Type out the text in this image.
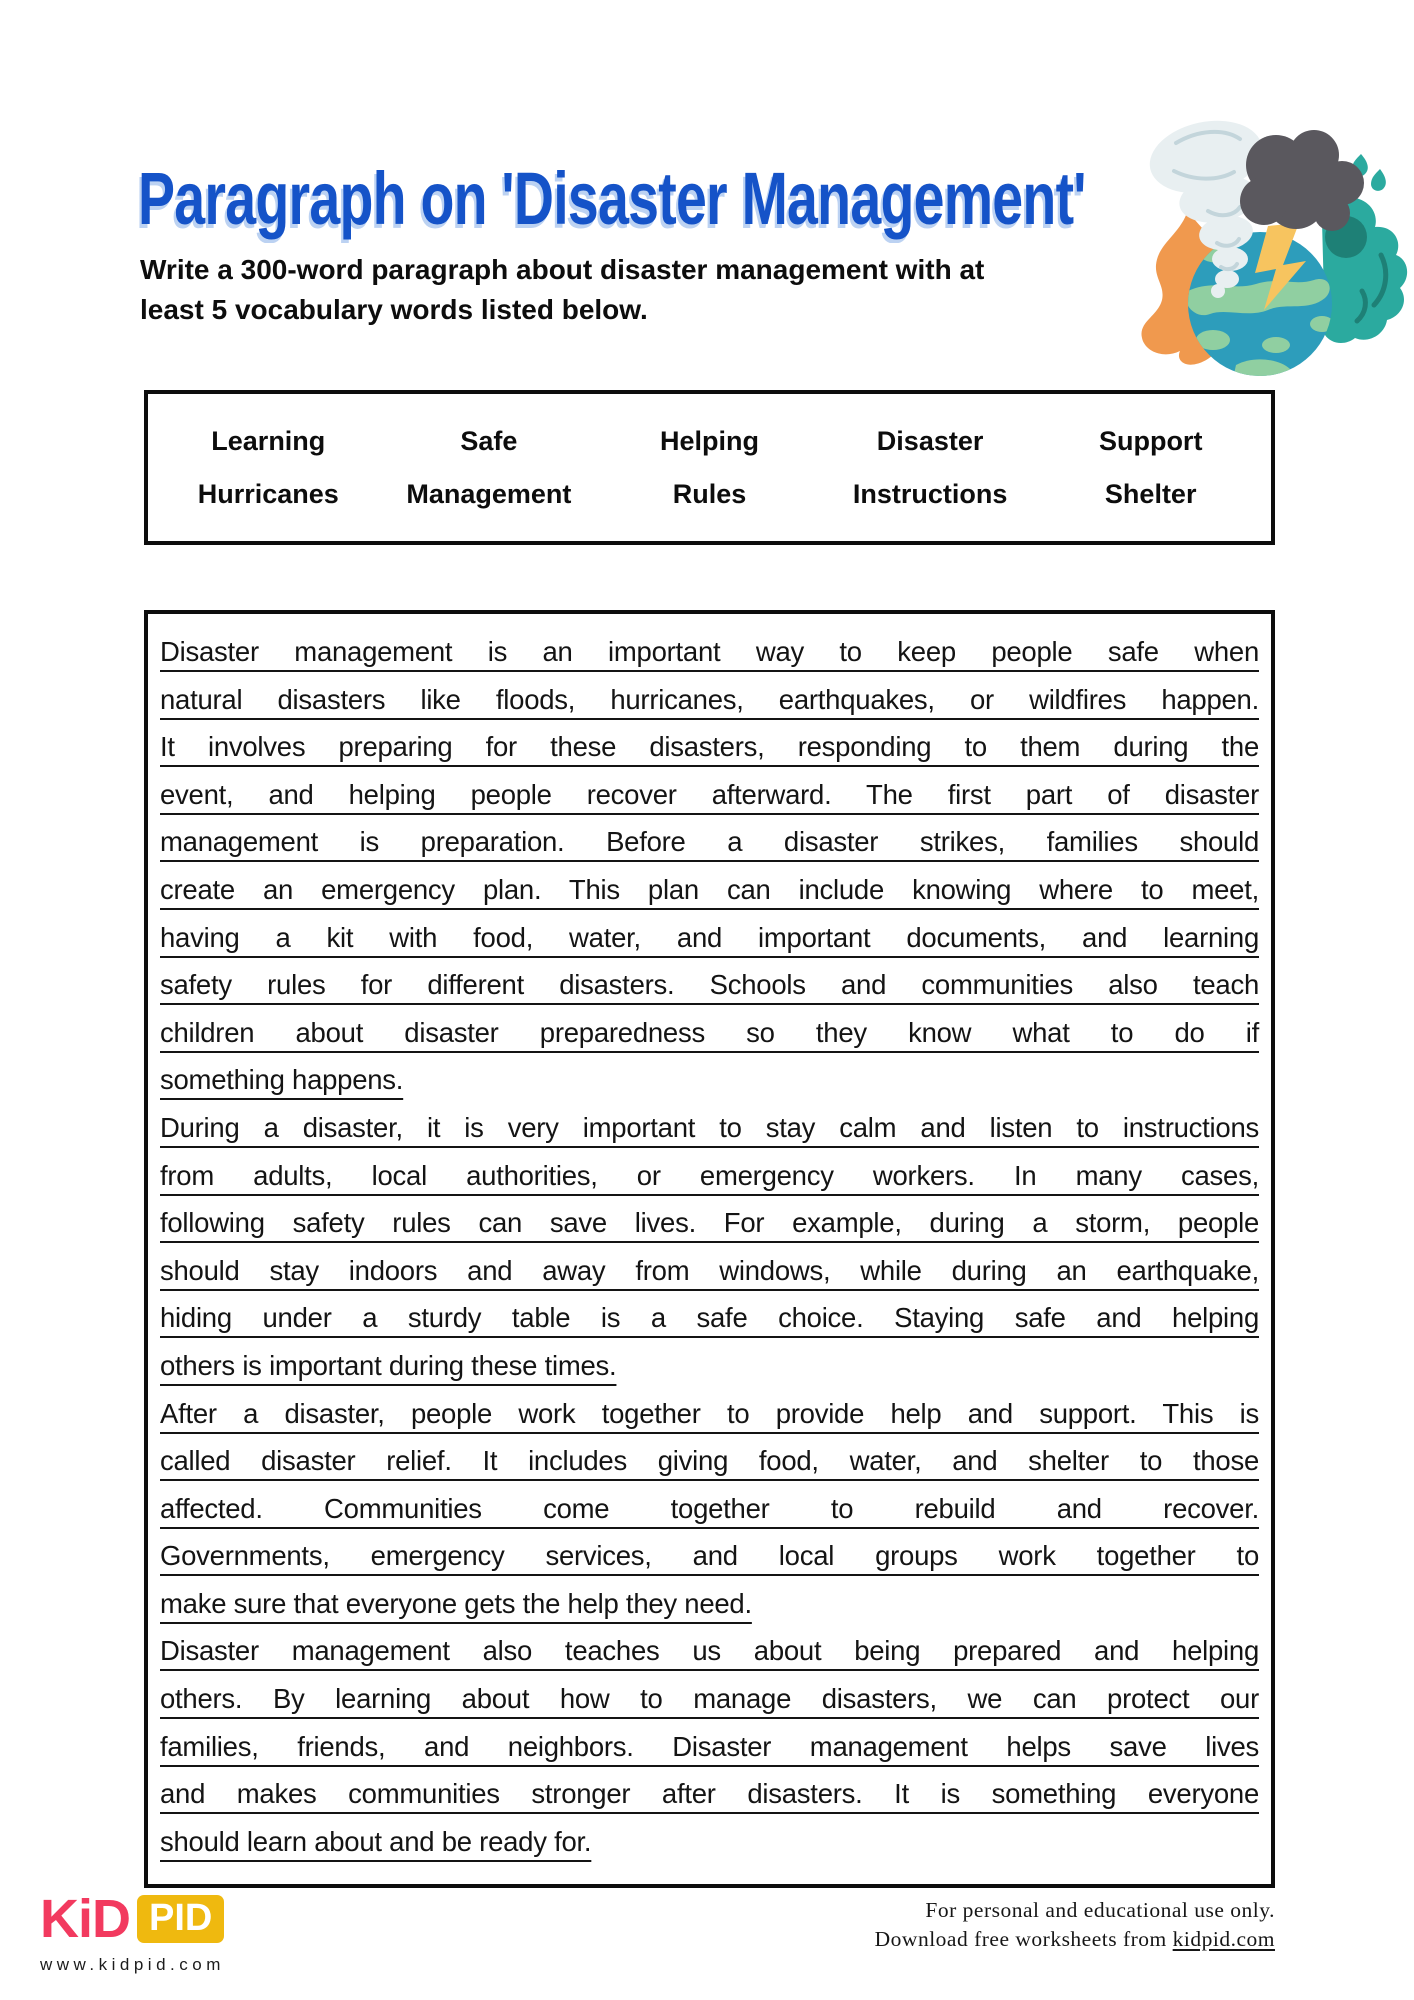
Paragraph on 'Disaster Management'
Write a 300-word paragraph about disaster management with at
least 5 vocabulary words listed below.
Learning	Safe	Helping	Disaster	Support
Hurricanes	Management	Rules	Instructions	Shelter
Disaster management is an important way to keep people safe when
natural disasters like floods, hurricanes, earthquakes, or wildfires happen.
It involves preparing for these disasters, responding to them during the
event, and helping people recover afterward. The first part of disaster
management is preparation. Before a disaster strikes, families should
create an emergency plan. This plan can include knowing where to meet,
having a kit with food, water, and important documents, and learning
safety rules for different disasters. Schools and communities also teach
children about disaster preparedness so they know what to do if
something happens.
During a disaster, it is very important to stay calm and listen to instructions
from adults, local authorities, or emergency workers. In many cases,
following safety rules can save lives. For example, during a storm, people
should stay indoors and away from windows, while during an earthquake,
hiding under a sturdy table is a safe choice. Staying safe and helping
others is important during these times.
After a disaster, people work together to provide help and support. This is
called disaster relief. It includes giving food, water, and shelter to those
affected. Communities come together to rebuild and recover.
Governments, emergency services, and local groups work together to
make sure that everyone gets the help they need.
Disaster management also teaches us about being prepared and helping
others. By learning about how to manage disasters, we can protect our
families, friends, and neighbors. Disaster management helps save lives
and makes communities stronger after disasters. It is something everyone
should learn about and be ready for.
KiD PID
www.kidpid.com
For personal and educational use only.
Download free worksheets from kidpid.com
